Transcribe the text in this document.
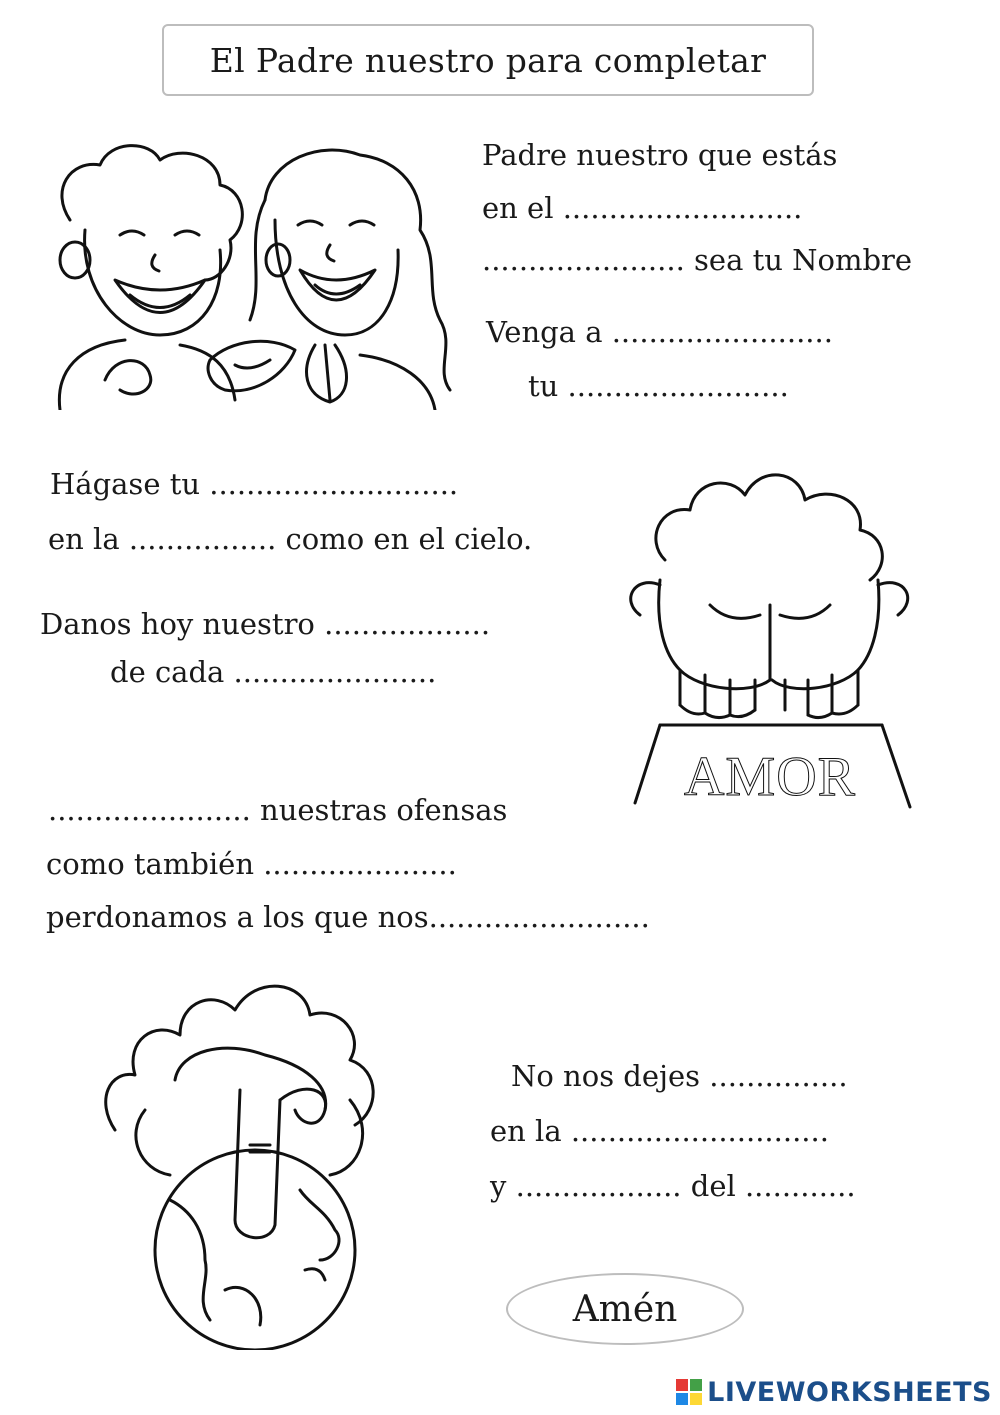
El Padre nuestro para completar
Padre nuestro que estás
en el ..........................
...................... sea tu Nombre
Venga a ........................
tu ........................
Hágase tu ...........................
en la ................ como en el cielo.
Danos hoy nuestro ..................
de cada ......................
AMOR
...................... nuestras ofensas
como también .....................
perdonamos a los que nos........................
No nos dejes ...............
en la ............................
y .................. del ............
Amén
LIVEWORKSHEETS
